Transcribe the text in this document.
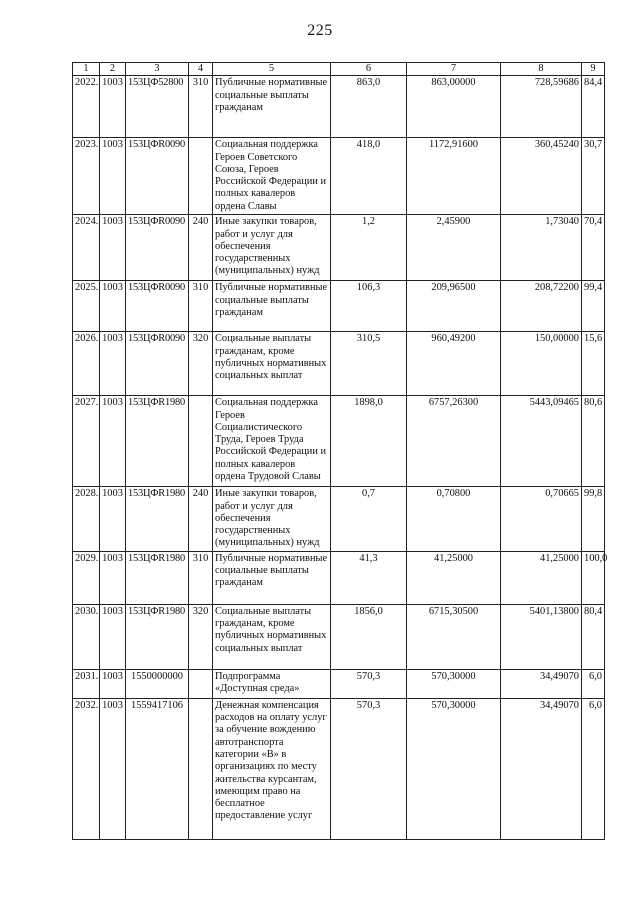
225
1	2	3	4	5	6	7	8	9
2022.	1003	153ЦФ52800	310	Публичные нормативные социальные выплаты гражданам	863,0	863,00000	728,59686	84,4
2023.	1003	153ЦФR0090		Социальная поддержка Героев Советского Союза, Героев Российской Федерации и полных кавалеров ордена Славы	418,0	1172,91600	360,45240	30,7
2024.	1003	153ЦФR0090	240	Иные закупки товаров, работ и услуг для обеспечения государственных (муниципальных) нужд	1,2	2,45900	1,73040	70,4
2025.	1003	153ЦФR0090	310	Публичные нормативные социальные выплаты гражданам	106,3	209,96500	208,72200	99,4
2026.	1003	153ЦФR0090	320	Социальные выплаты гражданам, кроме публичных нормативных социальных выплат	310,5	960,49200	150,00000	15,6
2027.	1003	153ЦФR1980		Социальная поддержка Героев Социалистического Труда, Героев Труда Российской Федерации и полных кавалеров ордена Трудовой Славы	1898,0	6757,26300	5443,09465	80,6
2028.	1003	153ЦФR1980	240	Иные закупки товаров, работ и услуг для обеспечения государственных (муниципальных) нужд	0,7	0,70800	0,70665	99,8
2029.	1003	153ЦФR1980	310	Публичные нормативные социальные выплаты гражданам	41,3	41,25000	41,25000	100,0
2030.	1003	153ЦФR1980	320	Социальные выплаты гражданам, кроме публичных нормативных социальных выплат	1856,0	6715,30500	5401,13800	80,4
2031.	1003	1550000000		Подпрограмма «Доступная среда»	570,3	570,30000	34,49070	6,0
2032.	1003	1559417106		Денежная компенсация расходов на оплату услуг за обучение вождению автотранспорта категории «В» в организациях по месту жительства курсантам, имеющим право на бесплатное предоставление услуг	570,3	570,30000	34,49070	6,0
